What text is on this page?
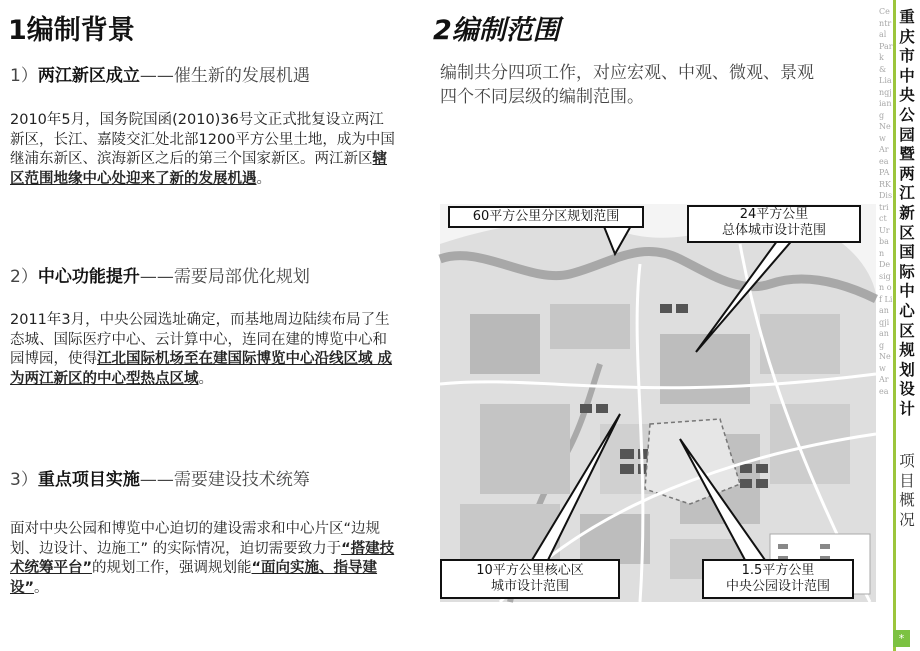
1编制背景
1）两江新区成立——催生新的发展机遇
2010年5月，国务院国函(2010)36号文正式批复设立两江新区，长江、嘉陵交汇处北部1200平方公里土地，成为中国继浦东新区、滨海新区之后的第三个国家新区。两江新区辖区范围地缘中心处迎来了新的发展机遇。
2）中心功能提升——需要局部优化规划
2011年3月，中央公园选址确定，而基地周边陆续布局了生态城、国际医疗中心、云计算中心，连同在建的博览中心和园博园，使得江北国际机场至在建国际博览中心沿线区域 成为两江新区的中心型热点区域。
3）重点项目实施——需要建设技术统筹
面对中央公园和博览中心迫切的建设需求和中心片区“边规划、边设计、边施工” 的实际情况，迫切需要致力于“搭建技术统筹平台”的规划工作，强调规划能“面向实施、指导建设”。
2编制范围
编制共分四项工作，对应宏观、中观、微观、景观四个不同层级的编制范围。
60平方公里分区规划范围	24平方公里
总体城市设计范围
10平方公里核心区
城市设计范围
1.5平方公里
中央公园设计范围
Central Park & Liangjiang New Area PARK District Urban Design of Liangjiang New Area
重庆市中央公园暨两江新区国际中心区规划设计
项目概况
*
